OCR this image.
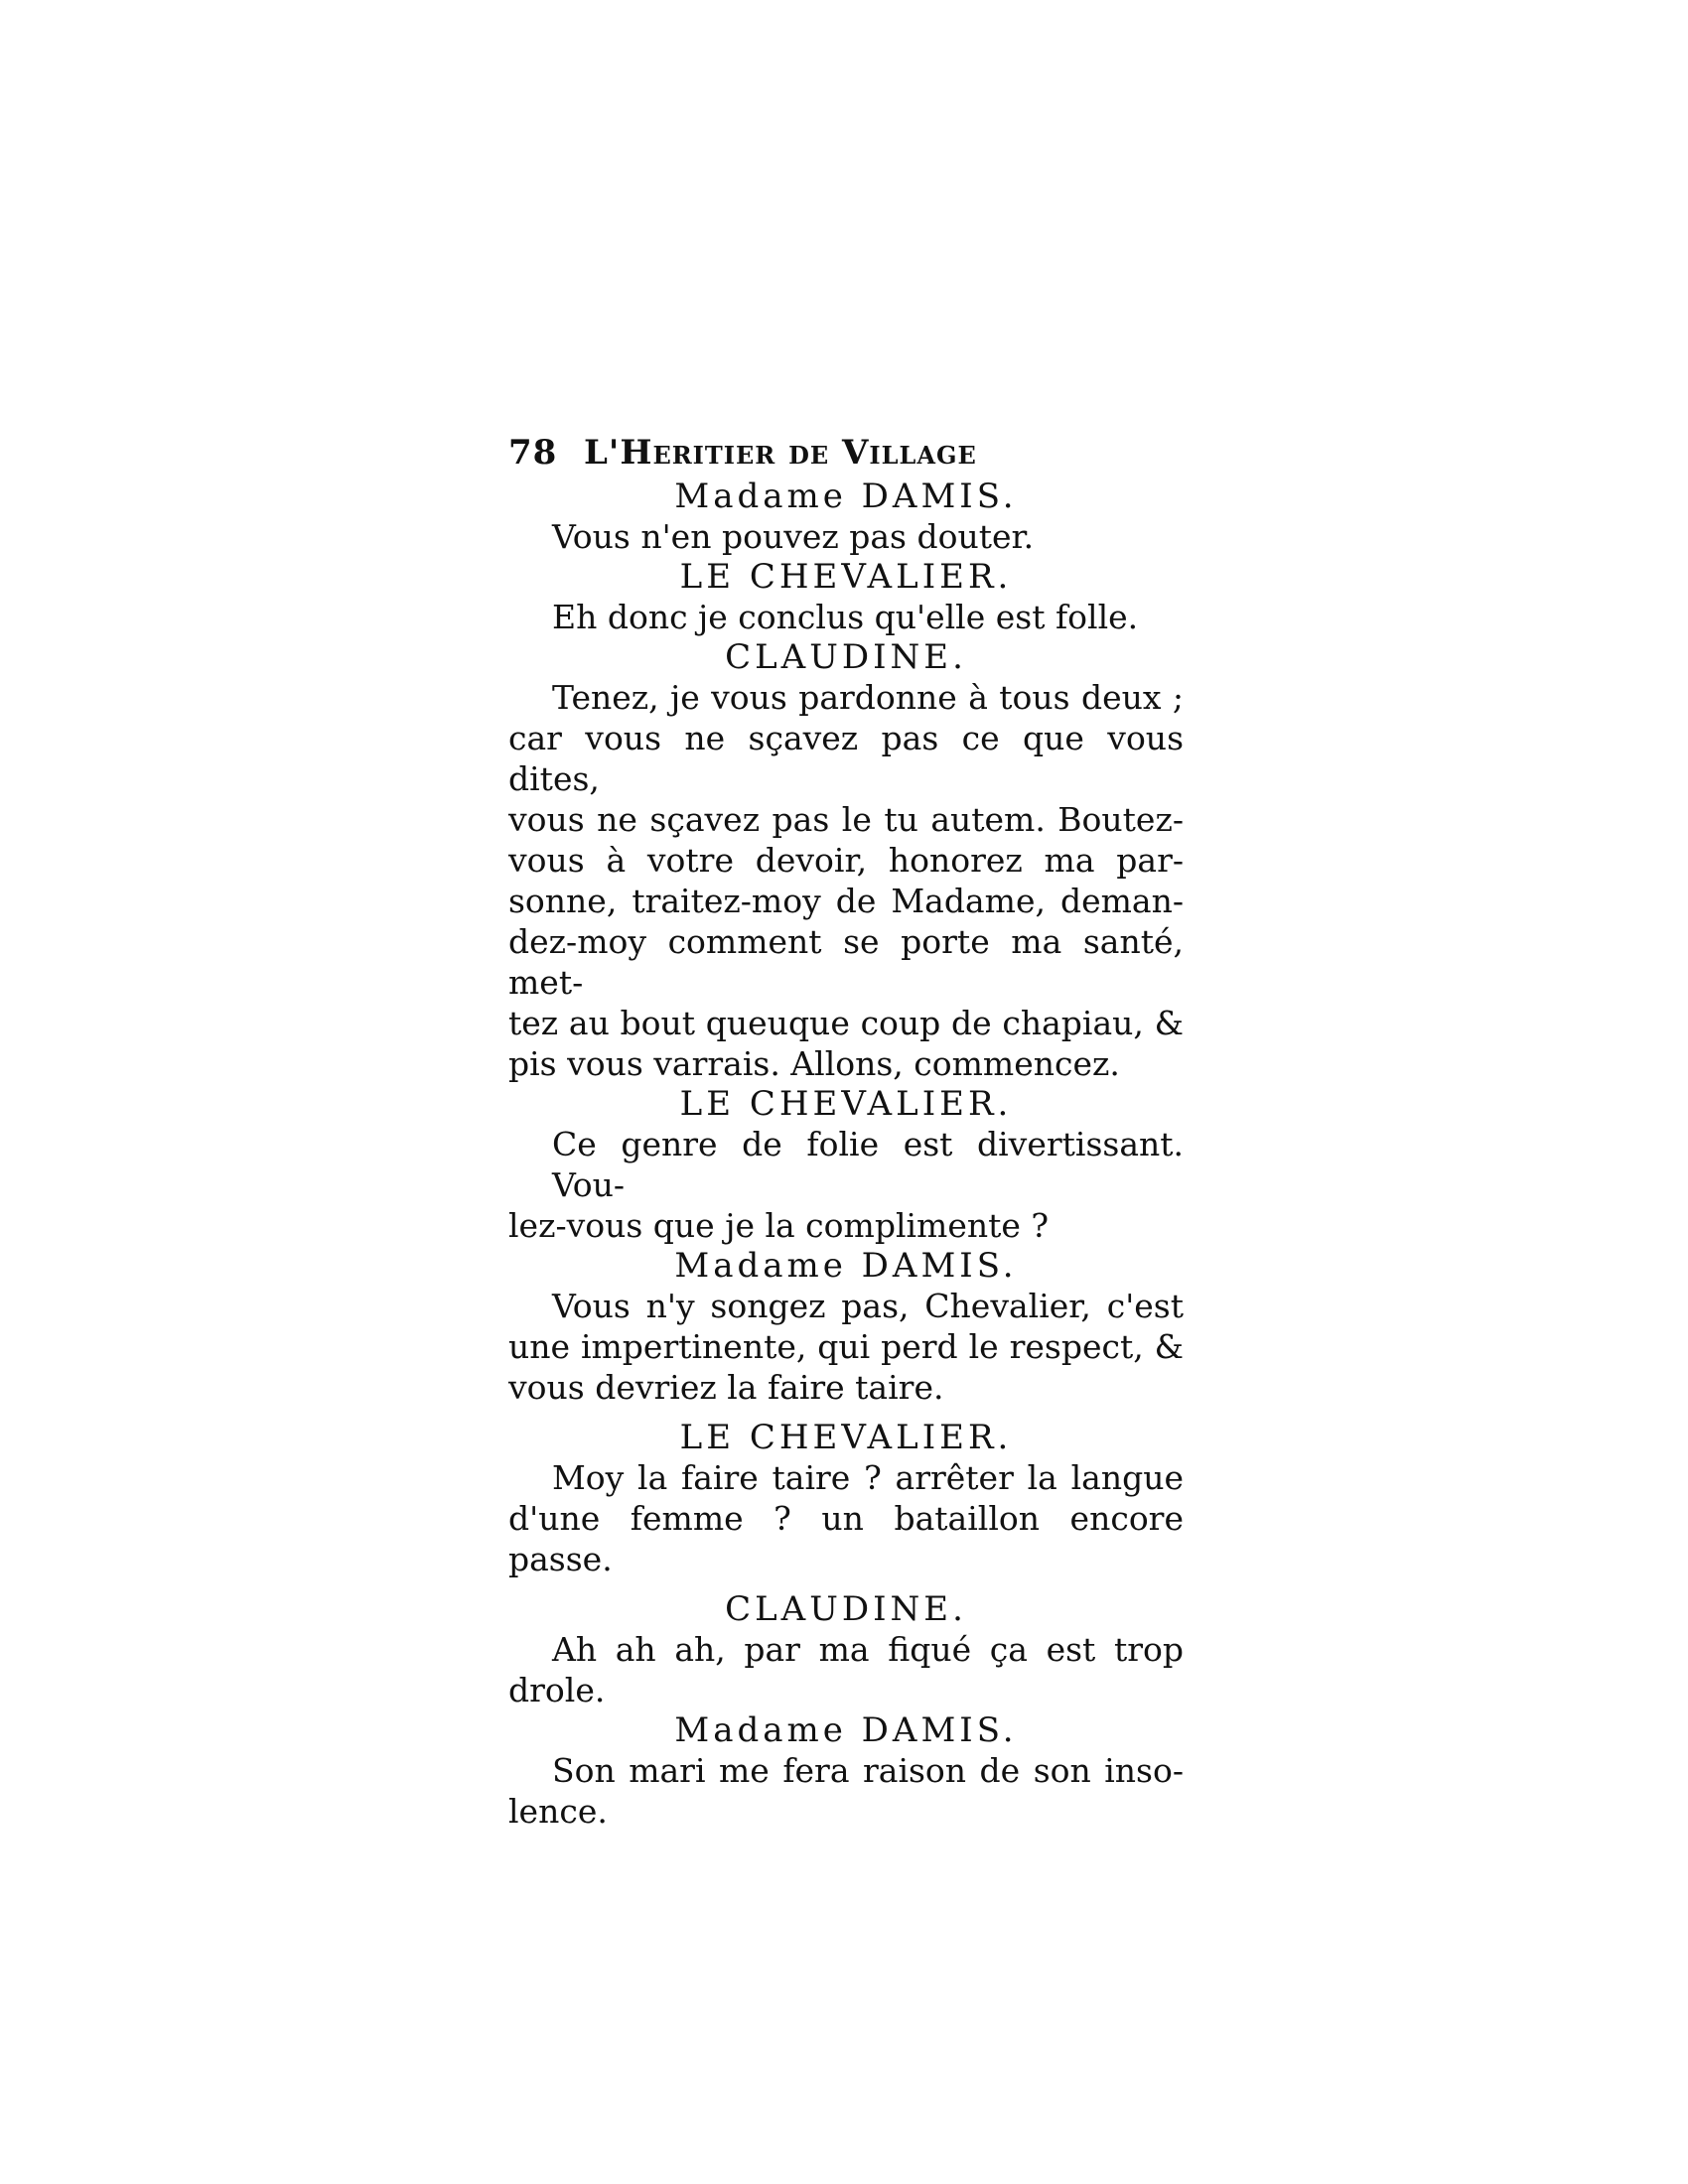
78 L'Heritier de Village

Madame DAMIS.

Vous n'en pouvez pas douter.

LE CHEVALIER.

Eh donc je conclus qu'elle est folle.

CLAUDINE.

Tenez, je vous pardonne à tous deux ;
car vous ne sçavez pas ce que vous dites,
vous ne sçavez pas le tu autem. Boutez-
vous à votre devoir, honorez ma par-
sonne, traitez-moy de Madame, deman-
dez-moy comment se porte ma santé, met-
tez au bout queuque coup de chapiau, &
pis vous varrais. Allons, commencez.

LE CHEVALIER.

Ce genre de folie est divertissant. Vou-
lez-vous que je la complimente ?

Madame DAMIS.

Vous n'y songez pas, Chevalier, c'est
une impertinente, qui perd le respect, &
vous devriez la faire taire.

LE CHEVALIER.

Moy la faire taire ? arrêter la langue
d'une femme ? un bataillon encore passe.

CLAUDINE.

Ah ah ah, par ma fiqué ça est trop
drole.

Madame DAMIS.

Son mari me fera raison de son inso-
lence.
